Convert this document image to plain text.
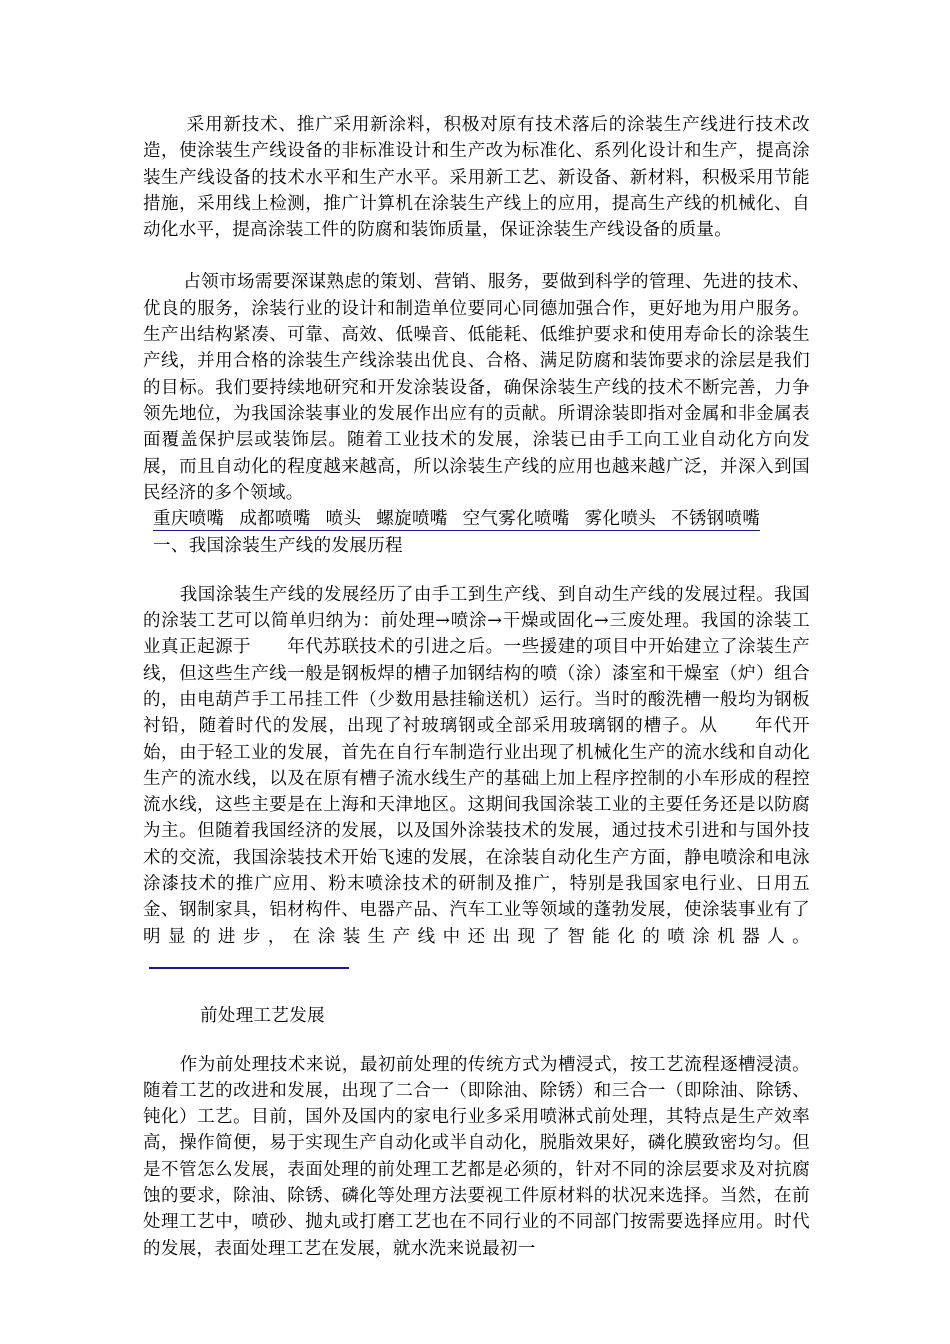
采用新技术、推广采用新涂料，积极对原有技术落后的涂装生产线进行技术改造，使涂装生产线设备的非标准设计和生产改为标准化、系列化设计和生产，提高涂装生产线设备的技术水平和生产水平。采用新工艺、新设备、新材料，积极采用节能措施，采用线上检测，推广计算机在涂装生产线上的应用，提高生产线的机械化、自动化水平，提高涂装工件的防腐和装饰质量，保证涂装生产线设备的质量。

占领市场需要深谋熟虑的策划、营销、服务，要做到科学的管理、先进的技术、优良的服务，涂装行业的设计和制造单位要同心同德加强合作，更好地为用户服务。生产出结构紧凑、可靠、高效、低噪音、低能耗、低维护要求和使用寿命长的涂装生产线，并用合格的涂装生产线涂装出优良、合格、满足防腐和装饰要求的涂层是我们的目标。我们要持续地研究和开发涂装设备，确保涂装生产线的技术不断完善，力争领先地位，为我国涂装事业的发展作出应有的贡献。所谓涂装即指对金属和非金属表面覆盖保护层或装饰层。随着工业技术的发展，涂装已由手工向工业自动化方向发展，而且自动化的程度越来越高，所以涂装生产线的应用也越来越广泛，并深入到国民经济的多个领域。

重庆喷嘴 成都喷嘴 喷头 螺旋喷嘴 空气雾化喷嘴 雾化喷头 不锈钢喷嘴

一、我国涂装生产线的发展历程

我国涂装生产线的发展经历了由手工到生产线、到自动生产线的发展过程。我国的涂装工艺可以简单归纳为：前处理→喷涂→干燥或固化→三废处理。我国的涂装工业真正起源于　　年代苏联技术的引进之后。一些援建的项目中开始建立了涂装生产线，但这些生产线一般是钢板焊的槽子加钢结构的喷（涂）漆室和干燥室（炉）组合的，由电葫芦手工吊挂工件（少数用悬挂输送机）运行。当时的酸洗槽一般均为钢板衬铅，随着时代的发展，出现了衬玻璃钢或全部采用玻璃钢的槽子。从　　年代开始，由于轻工业的发展，首先在自行车制造行业出现了机械化生产的流水线和自动化生产的流水线，以及在原有槽子流水线生产的基础上加上程序控制的小车形成的程控流水线，这些主要是在上海和天津地区。这期间我国涂装工业的主要任务还是以防腐为主。但随着我国经济的发展，以及国外涂装技术的发展，通过技术引进和与国外技术的交流，我国涂装技术开始飞速的发展，在涂装自动化生产方面，静电喷涂和电泳涂漆技术的推广应用、粉末喷涂技术的研制及推广，特别是我国家电行业、日用五金、钢制家具，铝材构件、电器产品、汽车工业等领域的蓬勃发展，使涂装事业有了明显的进步，在涂装生产线中还出现了智能化的喷涂机器人。

前处理工艺发展

作为前处理技术来说，最初前处理的传统方式为槽浸式，按工艺流程逐槽浸渍。随着工艺的改进和发展，出现了二合一（即除油、除锈）和三合一（即除油、除锈、钝化）工艺。目前，国外及国内的家电行业多采用喷淋式前处理，其特点是生产效率高，操作简便，易于实现生产自动化或半自动化，脱脂效果好，磷化膜致密均匀。但是不管怎么发展，表面处理的前处理工艺都是必须的，针对不同的涂层要求及对抗腐蚀的要求，除油、除锈、磷化等处理方法要视工件原材料的状况来选择。当然，在前处理工艺中，喷砂、抛丸或打磨工艺也在不同行业的不同部门按需要选择应用。时代的发展，表面处理工艺在发展，就水洗来说最初一
